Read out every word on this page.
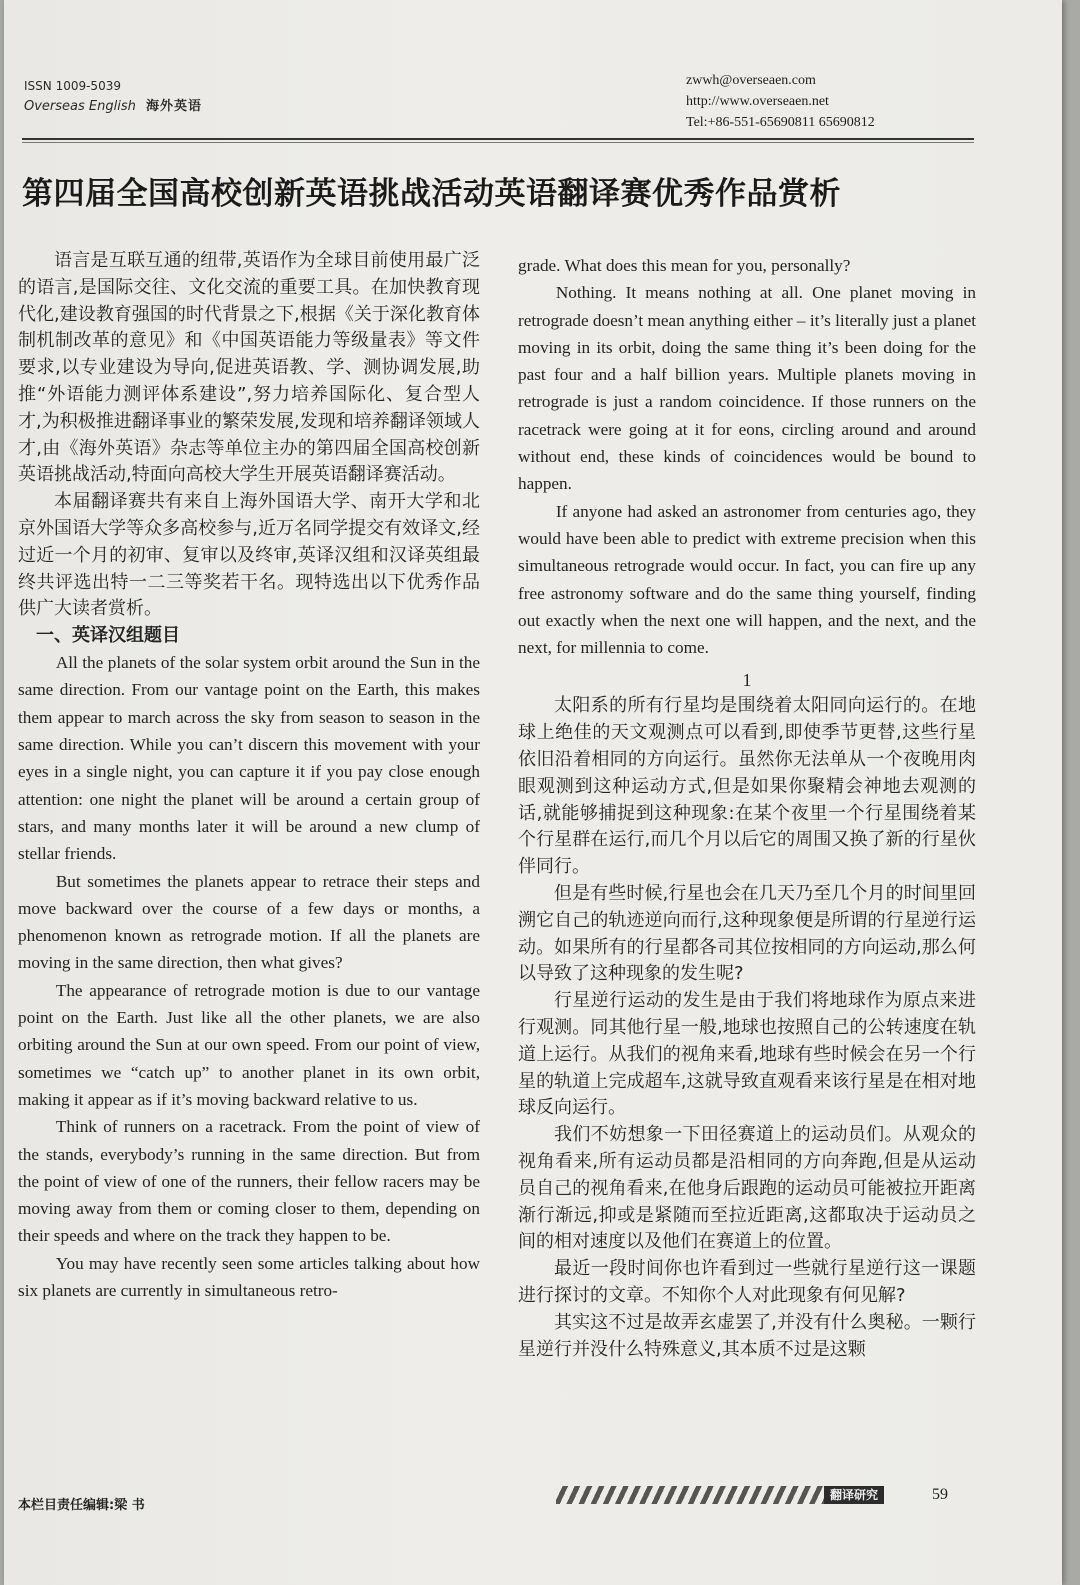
ISSN 1009-5039
Overseas English 海外英语
zwwh@overseaen.com
http://www.overseaen.net
Tel:+86-551-65690811 65690812
第四届全国高校创新英语挑战活动英语翻译赛优秀作品赏析

语言是互联互通的纽带,英语作为全球目前使用最广泛的语言,是国际交往、文化交流的重要工具。在加快教育现代化,建设教育强国的时代背景之下,根据《关于深化教育体制机制改革的意见》和《中国英语能力等级量表》等文件要求,以专业建设为导向,促进英语教、学、测协调发展,助推“外语能力测评体系建设”,努力培养国际化、复合型人才,为积极推进翻译事业的繁荣发展,发现和培养翻译领域人才,由《海外英语》杂志等单位主办的第四届全国高校创新英语挑战活动,特面向高校大学生开展英语翻译赛活动。

本届翻译赛共有来自上海外国语大学、南开大学和北京外国语大学等众多高校参与,近万名同学提交有效译文,经过近一个月的初审、复审以及终审,英译汉组和汉译英组最终共评选出特一二三等奖若干名。现特选出以下优秀作品供广大读者赏析。

一、英译汉组题目

All the planets of the solar system orbit around the Sun in the same direction. From our vantage point on the Earth, this makes them appear to march across the sky from season to season in the same direction. While you can’t discern this movement with your eyes in a single night, you can capture it if you pay close enough attention: one night the planet will be around a certain group of stars, and many months later it will be around a new clump of stellar friends.

But sometimes the planets appear to retrace their steps and move backward over the course of a few days or months, a phenomenon known as retrograde motion. If all the planets are moving in the same direction, then what gives?

The appearance of retrograde motion is due to our vantage point on the Earth. Just like all the other planets, we are also orbiting around the Sun at our own speed. From our point of view, sometimes we “catch up” to another planet in its own orbit, making it appear as if it’s moving backward relative to us.

Think of runners on a racetrack. From the point of view of the stands, everybody’s running in the same direction. But from the point of view of one of the runners, their fellow racers may be moving away from them or coming closer to them, depending on their speeds and where on the track they happen to be.

You may have recently seen some articles talking about how six planets are currently in simultaneous retro-

grade. What does this mean for you, personally?

Nothing. It means nothing at all. One planet moving in retrograde doesn’t mean anything either – it’s literally just a planet moving in its orbit, doing the same thing it’s been doing for the past four and a half billion years. Multiple planets moving in retrograde is just a random coincidence. If those runners on the racetrack were going at it for eons, circling around and around without end, these kinds of coincidences would be bound to happen.

If anyone had asked an astronomer from centuries ago, they would have been able to predict with extreme precision when this simultaneous retrograde would occur. In fact, you can fire up any free astronomy software and do the same thing yourself, finding out exactly when the next one will happen, and the next, and the next, for millennia to come.

1

太阳系的所有行星均是围绕着太阳同向运行的。在地球上绝佳的天文观测点可以看到,即使季节更替,这些行星依旧沿着相同的方向运行。虽然你无法单从一个夜晚用肉眼观测到这种运动方式,但是如果你聚精会神地去观测的话,就能够捕捉到这种现象:在某个夜里一个行星围绕着某个行星群在运行,而几个月以后它的周围又换了新的行星伙伴同行。

但是有些时候,行星也会在几天乃至几个月的时间里回溯它自己的轨迹逆向而行,这种现象便是所谓的行星逆行运动。如果所有的行星都各司其位按相同的方向运动,那么何以导致了这种现象的发生呢?

行星逆行运动的发生是由于我们将地球作为原点来进行观测。同其他行星一般,地球也按照自己的公转速度在轨道上运行。从我们的视角来看,地球有些时候会在另一个行星的轨道上完成超车,这就导致直观看来该行星是在相对地球反向运行。

我们不妨想象一下田径赛道上的运动员们。从观众的视角看来,所有运动员都是沿相同的方向奔跑,但是从运动员自己的视角看来,在他身后跟跑的运动员可能被拉开距离渐行渐远,抑或是紧随而至拉近距离,这都取决于运动员之间的相对速度以及他们在赛道上的位置。

最近一段时间你也许看到过一些就行星逆行这一课题进行探讨的文章。不知你个人对此现象有何见解?

其实这不过是故弄玄虚罢了,并没有什么奥秘。一颗行星逆行并没什么特殊意义,其本质不过是这颗

本栏目责任编辑:梁 书
翻译研究	59
